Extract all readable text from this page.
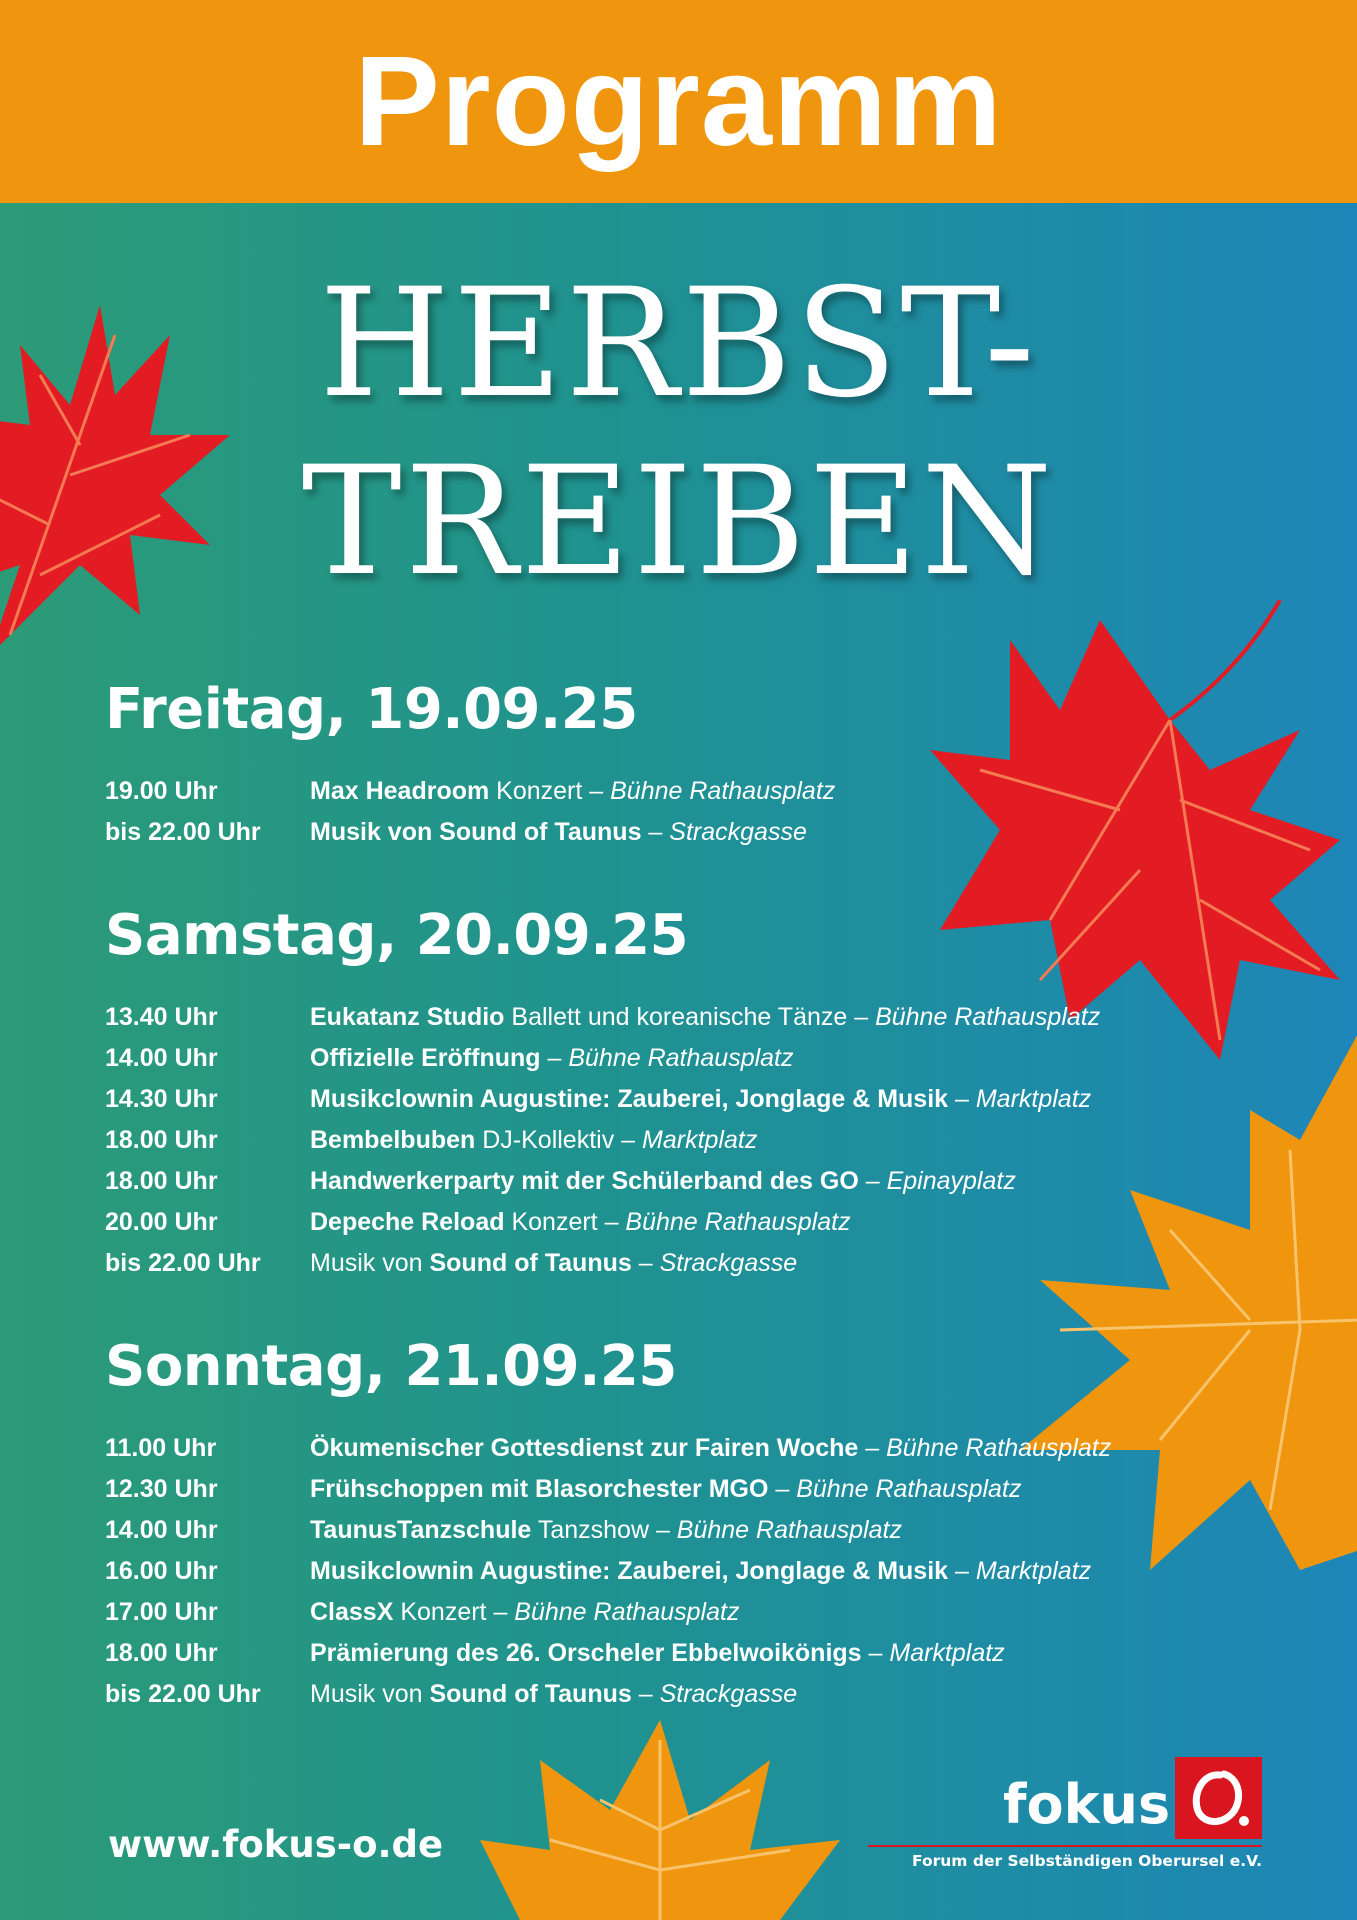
Programm
HERBST-
TREIBEN
Freitag, 19.09.25
19.00 Uhr	Max Headroom Konzert – Bühne Rathausplatz
bis 22.00 Uhr	Musik von Sound of Taunus – Strackgasse
Samstag, 20.09.25
13.40 Uhr	Eukatanz Studio Ballett und koreanische Tänze – Bühne Rathausplatz
14.00 Uhr	Offizielle Eröffnung – Bühne Rathausplatz
14.30 Uhr	Musikclownin Augustine: Zauberei, Jonglage & Musik – Marktplatz
18.00 Uhr	Bembelbuben DJ-Kollektiv – Marktplatz
18.00 Uhr	Handwerkerparty mit der Schülerband des GO – Epinayplatz
20.00 Uhr	Depeche Reload Konzert – Bühne Rathausplatz
bis 22.00 Uhr	Musik von Sound of Taunus – Strackgasse
Sonntag, 21.09.25
11.00 Uhr	Ökumenischer Gottesdienst zur Fairen Woche – Bühne Rathausplatz
12.30 Uhr	Frühschoppen mit Blasorchester MGO – Bühne Rathausplatz
14.00 Uhr	TaunusTanzschule Tanzshow – Bühne Rathausplatz
16.00 Uhr	Musikclownin Augustine: Zauberei, Jonglage & Musik – Marktplatz
17.00 Uhr	ClassX Konzert – Bühne Rathausplatz
18.00 Uhr	Prämierung des 26. Orscheler Ebbelwoikönigs – Marktplatz
bis 22.00 Uhr	Musik von Sound of Taunus – Strackgasse
www.fokus-o.de
fokus
Forum der Selbständigen Oberursel e.V.
